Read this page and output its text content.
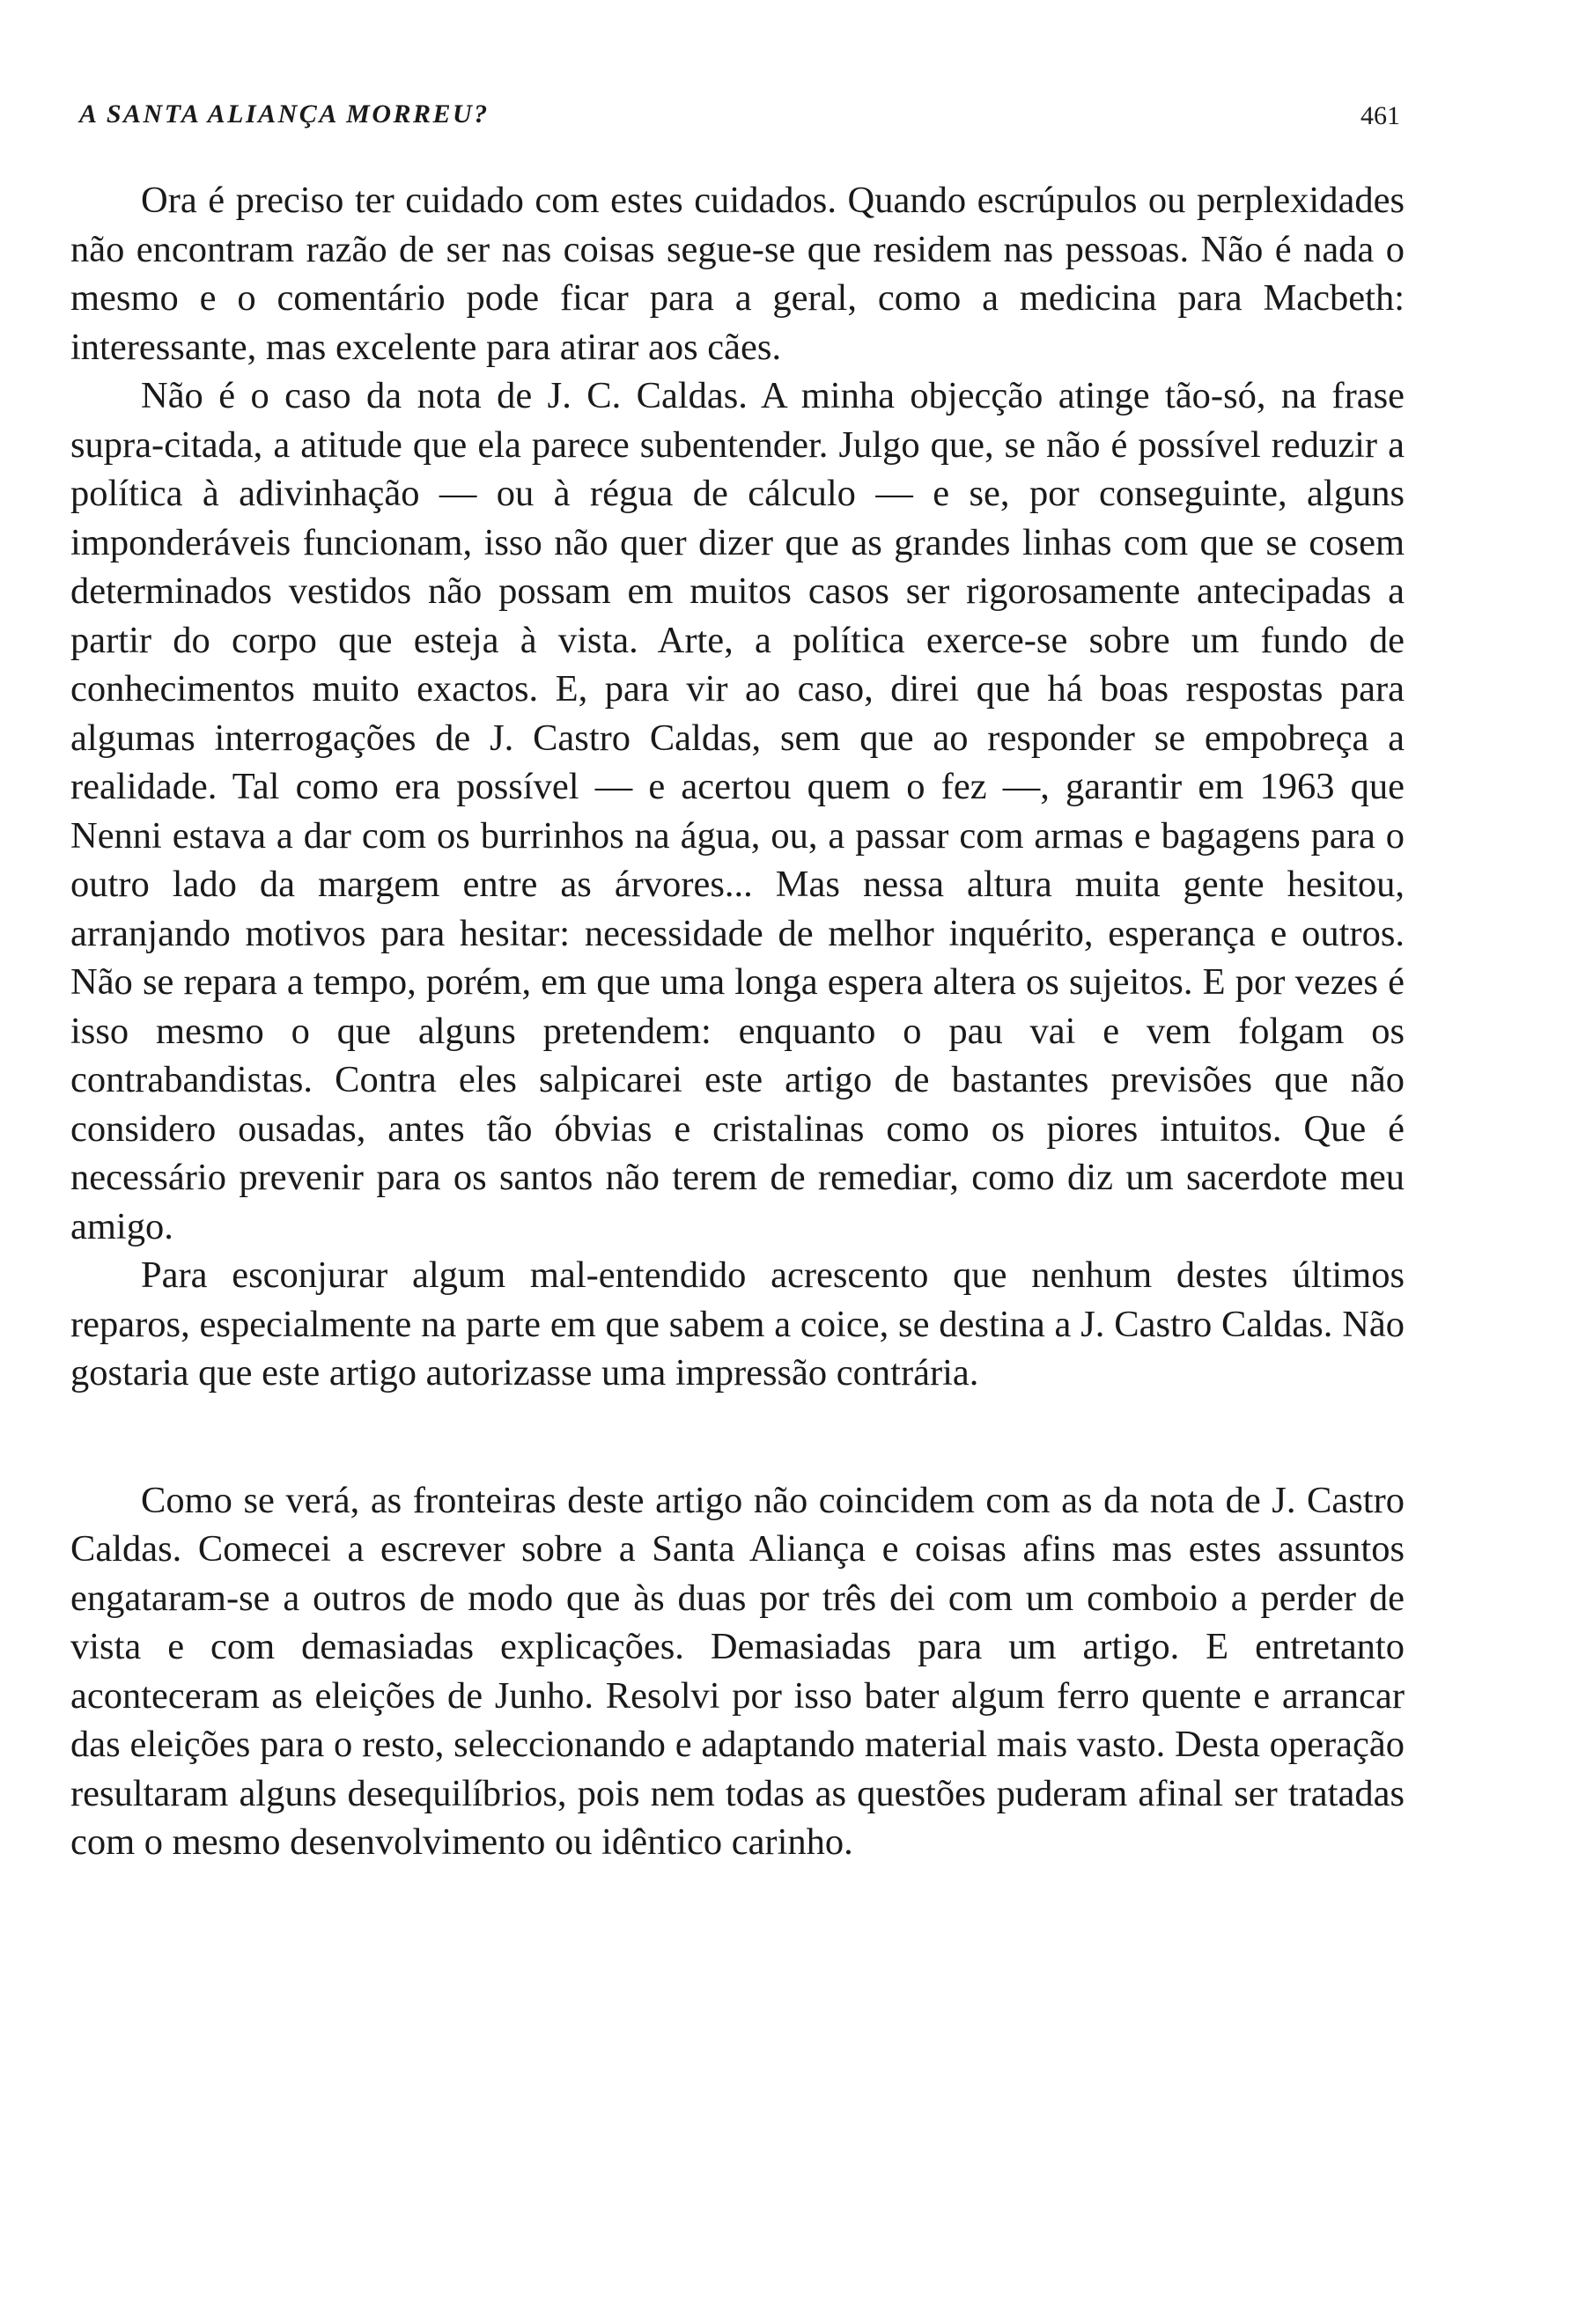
A SANTA ALIANÇA MORREU?	461

Ora é preciso ter cuidado com estes cuidados. Quando escrúpulos ou perplexidades não encontram razão de ser nas coisas segue-se que residem nas pessoas. Não é nada o mesmo e o comentário pode ficar para a geral, como a medicina para Macbeth: interessante, mas excelente para atirar aos cães.

Não é o caso da nota de J. C. Caldas. A minha objecção atinge tão-só, na frase supra-citada, a atitude que ela parece subentender. Julgo que, se não é possível reduzir a política à adivinhação — ou à régua de cálculo — e se, por conseguinte, alguns imponderáveis funcionam, isso não quer dizer que as grandes linhas com que se cosem determinados vestidos não possam em muitos casos ser rigorosamente antecipadas a partir do corpo que esteja à vista. Arte, a política exerce-se sobre um fundo de conhecimentos muito exactos. E, para vir ao caso, direi que há boas respostas para algumas interrogações de J. Castro Caldas, sem que ao responder se empobreça a realidade. Tal como era possível — e acertou quem o fez —, garantir em 1963 que Nenni estava a dar com os burrinhos na água, ou, a passar com armas e bagagens para o outro lado da margem entre as árvores... Mas nessa altura muita gente hesitou, arranjando motivos para hesitar: necessidade de melhor inquérito, esperança e outros. Não se repara a tempo, porém, em que uma longa espera altera os sujeitos. E por vezes é isso mesmo o que alguns pretendem: enquanto o pau vai e vem folgam os contrabandistas. Contra eles salpicarei este artigo de bastantes previsões que não considero ousadas, antes tão óbvias e cristalinas como os piores intuitos. Que é necessário prevenir para os santos não terem de remediar, como diz um sacerdote meu amigo.

Para esconjurar algum mal-entendido acrescento que nenhum destes últimos reparos, especialmente na parte em que sabem a coice, se destina a J. Castro Caldas. Não gostaria que este artigo autorizasse uma impressão contrária.

Como se verá, as fronteiras deste artigo não coincidem com as da nota de J. Castro Caldas. Comecei a escrever sobre a Santa Aliança e coisas afins mas estes assuntos engataram-se a outros de modo que às duas por três dei com um comboio a perder de vista e com demasiadas explicações. Demasiadas para um artigo. E entretanto aconteceram as eleições de Junho. Resolvi por isso bater algum ferro quente e arrancar das eleições para o resto, seleccionando e adaptando material mais vasto. Desta operação resultaram alguns desequilíbrios, pois nem todas as questões puderam afinal ser tratadas com o mesmo desenvolvimento ou idêntico carinho.
